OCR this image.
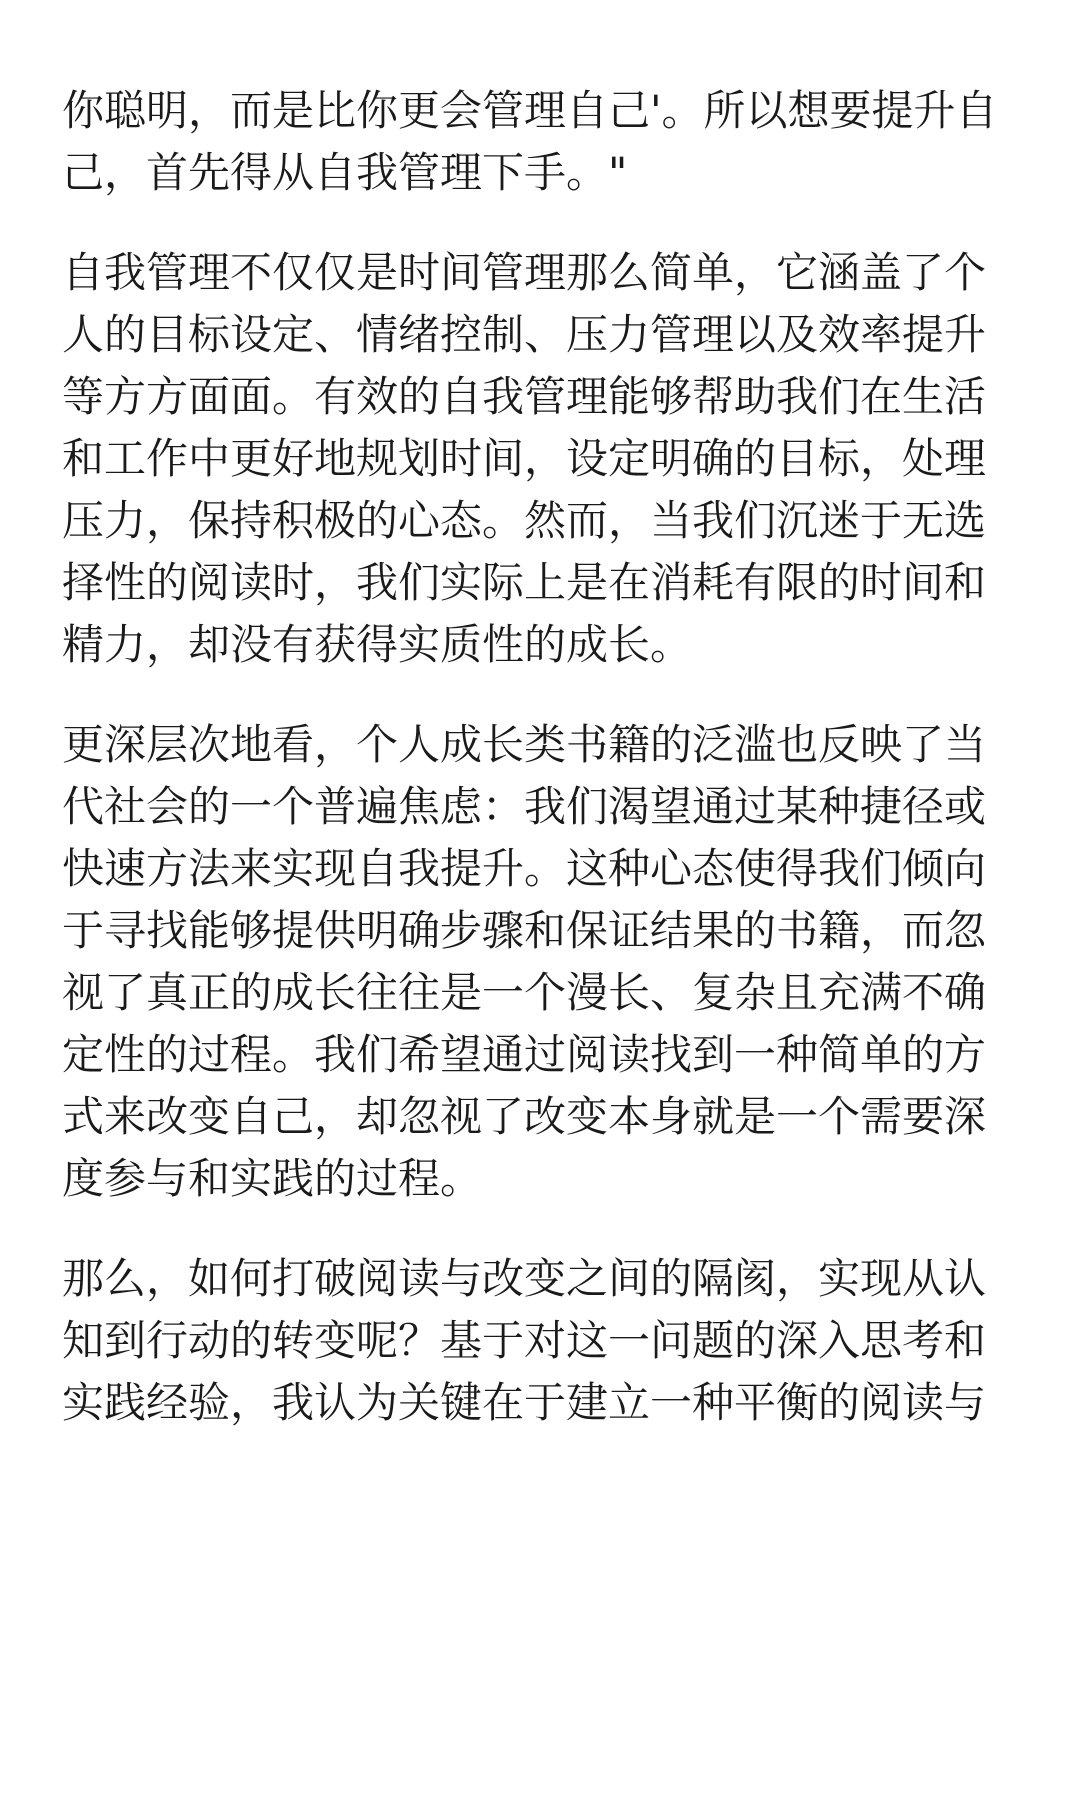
你聪明，而是比你更会管理自己'。所以想要提升自
己，首先得从自我管理下手。"
自我管理不仅仅是时间管理那么简单，它涵盖了个
人的目标设定、情绪控制、压力管理以及效率提升
等方方面面。有效的自我管理能够帮助我们在生活
和工作中更好地规划时间，设定明确的目标，处理
压力，保持积极的心态。然而，当我们沉迷于无选
择性的阅读时，我们实际上是在消耗有限的时间和
精力，却没有获得实质性的成长。
更深层次地看，个人成长类书籍的泛滥也反映了当
代社会的一个普遍焦虑：我们渴望通过某种捷径或
快速方法来实现自我提升。这种心态使得我们倾向
于寻找能够提供明确步骤和保证结果的书籍，而忽
视了真正的成长往往是一个漫长、复杂且充满不确
定性的过程。我们希望通过阅读找到一种简单的方
式来改变自己，却忽视了改变本身就是一个需要深
度参与和实践的过程。
那么，如何打破阅读与改变之间的隔阂，实现从认
知到行动的转变呢？基于对这一问题的深入思考和
实践经验，我认为关键在于建立一种平衡的阅读与
